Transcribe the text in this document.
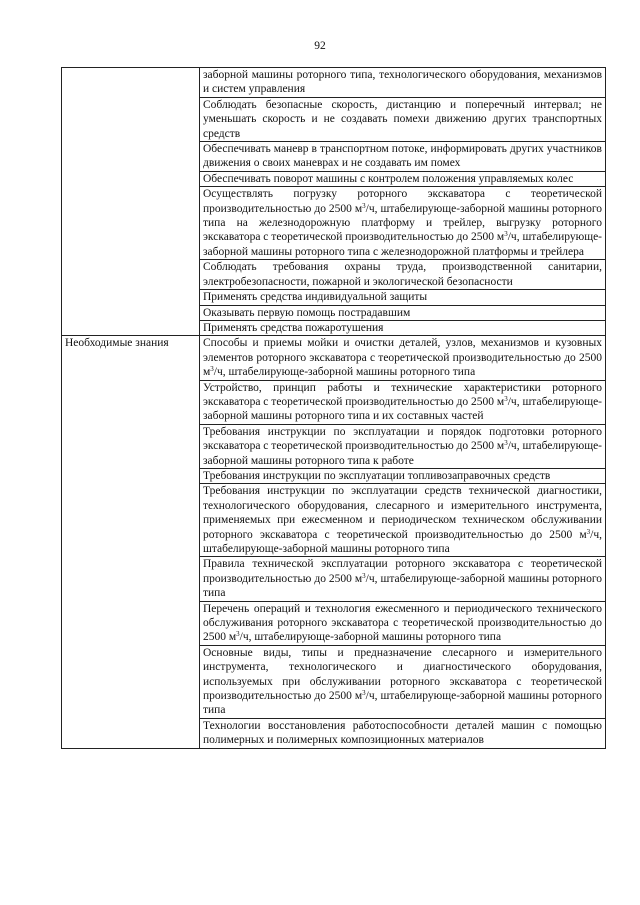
92
	заборной машины роторного типа, технологического оборудования, механизмов и систем управления
	Соблюдать безопасные скорость, дистанцию и поперечный интервал; не уменьшать скорость и не создавать помехи движению других транспортных средств
	Обеспечивать маневр в транспортном потоке, информировать других участников движения о своих маневрах и не создавать им помех
	Обеспечивать поворот машины с контролем положения управляемых колес
	Осуществлять погрузку роторного экскаватора с теоретической производительностью до 2500 $м^3/ч$, штабелирующе-заборной машины роторного типа на железнодорожную платформу и трейлер, выгрузку роторного экскаватора с теоретической производительностью до 2500 $м^3/ч$, штабелирующе-заборной машины роторного типа с железнодорожной платформы и трейлера
	Соблюдать требования охраны труда, производственной санитарии, электробезопасности, пожарной и экологической безопасности
	Применять средства индивидуальной защиты
	Оказывать первую помощь пострадавшим
	Применять средства пожаротушения
Необходимые знания	Способы и приемы мойки и очистки деталей, узлов, механизмов и кузовных элементов роторного экскаватора с теоретической производительностью до 2500 $м^3/ч$, штабелирующе-заборной машины роторного типа
	Устройство, принцип работы и технические характеристики роторного экскаватора с теоретической производительностью до 2500 $м^3/ч$, штабелирующе-заборной машины роторного типа и их составных частей
	Требования инструкции по эксплуатации и порядок подготовки роторного экскаватора с теоретической производительностью до 2500 $м^3/ч$, штабелирующе-заборной машины роторного типа к работе
	Требования инструкции по эксплуатации топливозаправочных средств
	Требования инструкции по эксплуатации средств технической диагностики, технологического оборудования, слесарного и измерительного инструмента, применяемых при ежесменном и периодическом техническом обслуживании роторного экскаватора с теоретической производительностью до 2500 $м^3/ч$, штабелирующе-заборной машины роторного типа
	Правила технической эксплуатации роторного экскаватора с теоретической производительностью до 2500 $м^3/ч$, штабелирующе-заборной машины роторного типа
	Перечень операций и технология ежесменного и периодического технического обслуживания роторного экскаватора с теоретической производительностью до 2500 $м^3/ч$, штабелирующе-заборной машины роторного типа
	Основные виды, типы и предназначение слесарного и измерительного инструмента, технологического и диагностического оборудования, используемых при обслуживании роторного экскаватора с теоретической производительностью до 2500 $м^3/ч$, штабелирующе-заборной машины роторного типа
	Технологии восстановления работоспособности деталей машин с помощью полимерных и полимерных композиционных материалов
